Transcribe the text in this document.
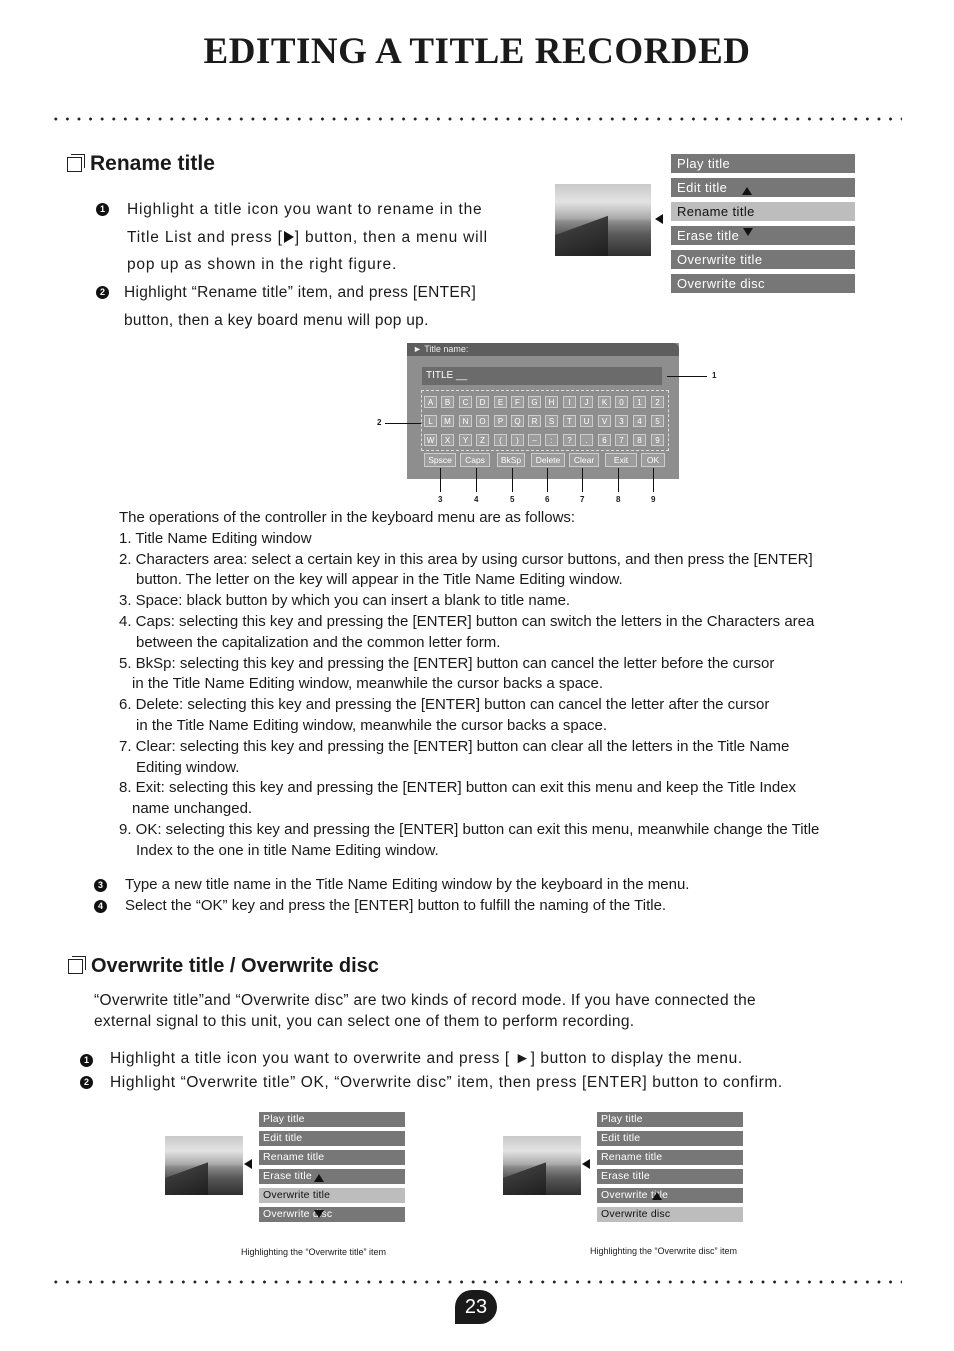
EDITING A TITLE RECORDED
Rename title
1 Highlight a title icon you want to rename in the
Title List and press [ ] button, then a menu will
pop up as shown in the right figure.
2 Highlight “Rename title” item, and press [ENTER]
button, then a key board menu will pop up.
Play title
Edit title
Rename title
Erase title
Overwrite title
Overwrite disc
► Title name:
TITLE __
A	B	C	D	E	F	G	H	I	J	K	0	1	2
L	M	N	O	P	Q	R	S	T	U	V	3	4	5
W	X	Y	Z	(	)	–	:	?	.	6	7	8	9
Spsce	Caps	BkSp	Delete	Clear	Exit	OK
1
2
3	4	5	6	7	8	9
The operations of the controller in the keyboard menu are as follows:
1. Title Name Editing window
2. Characters area: select a certain key in this area by using cursor buttons, and then press the [ENTER]
button. The letter on the key will appear in the Title Name Editing window.
3. Space: black button by which you can insert a blank to title name.
4. Caps: selecting this key and pressing the [ENTER] button can switch the letters in the Characters area
between the capitalization and the common letter form.
5. BkSp: selecting this key and pressing the [ENTER] button can cancel the letter before the cursor
in the Title Name Editing window, meanwhile the cursor backs a space.
6. Delete: selecting this key and pressing the [ENTER] button can cancel the letter after the cursor
in the Title Name Editing window, meanwhile the cursor backs a space.
7. Clear: selecting this key and pressing the [ENTER] button can clear all the letters in the Title Name
Editing window.
8. Exit: selecting this key and pressing the [ENTER] button can exit this menu and keep the Title Index
name unchanged.
9. OK: selecting this key and pressing the [ENTER] button can exit this menu, meanwhile change the Title
Index to the one in title Name Editing window.
3 Type a new title name in the Title Name Editing window by the keyboard in the menu.
4 Select the “OK” key and press the [ENTER] button to fulfill the naming of the Title.
Overwrite title / Overwrite disc
“Overwrite title”and “Overwrite disc” are two kinds of record mode. If you have connected the
external signal to this unit, you can select one of them to perform recording.
1 Highlight a title icon you want to overwrite and press [ ►] button to display the menu.
2 Highlight “Overwrite title” OK, “Overwrite disc” item, then press [ENTER] button to confirm.
Play title
Edit title
Rename title
Erase title
Overwrite title
Overwrite disc
Highlighting the “Overwrite title” item
Play title
Edit title
Rename title
Erase title
Overwrite title
Overwrite disc
Highlighting the “Overwrite disc” item
23
